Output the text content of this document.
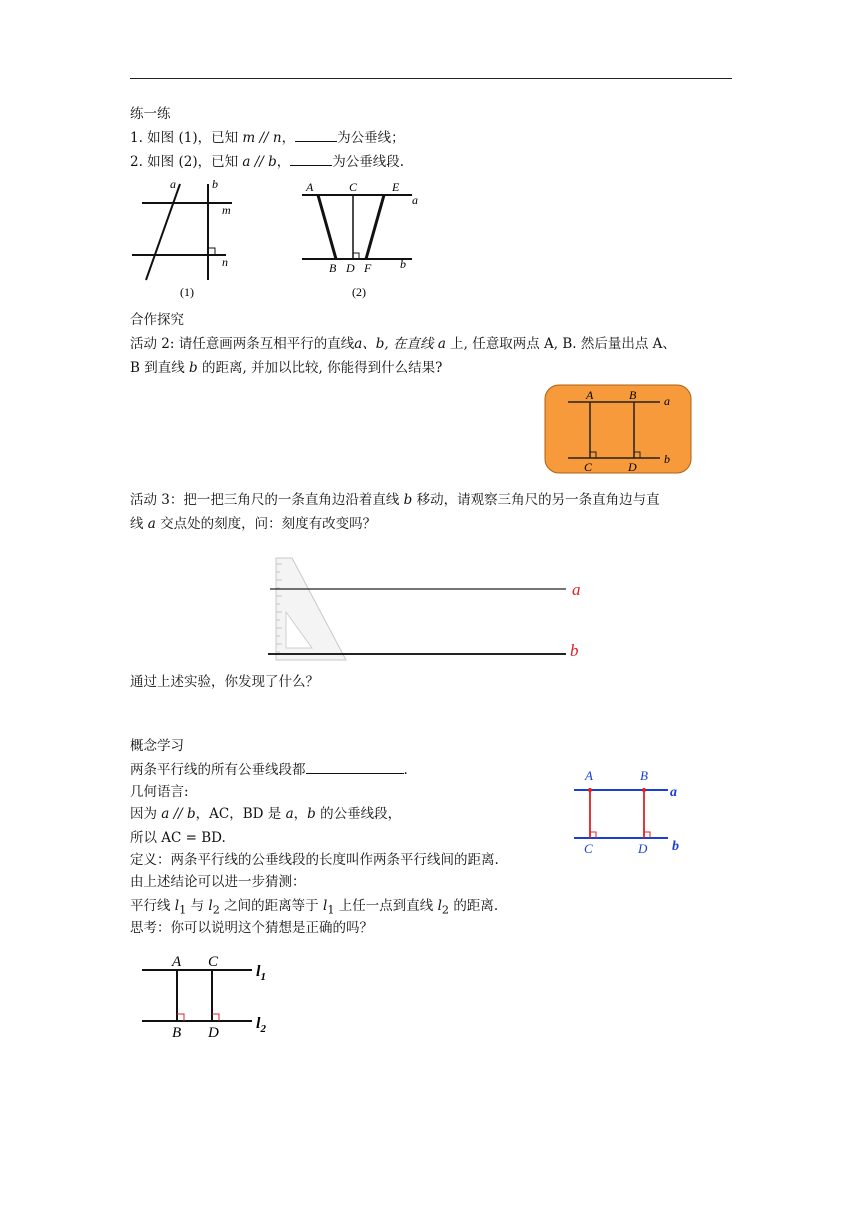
练一练
1. 如图 (1)，已知 m // n，	为公垂线；
2. 如图 (2)，已知 a // b，	为公垂线段.
a	b
m
n
(1)
A	C	E
a
B D F b
(2)
合作探究
活动 2: 请任意画两条互相平行的直线a、b, 在直线 a 上, 任意取两点 A, B. 然后量出点 A、
B 到直线 b 的距离, 并加以比较, 你能得到什么结果?
A	B a
C	D
b
活动 3：把一把三角尺的一条直角边沿着直线 b 移动，请观察三角尺的另一条直角边与直
线 a 交点处的刻度，问：刻度有改变吗？
a
b
通过上述实验，你发现了什么？
概念学习
两条平行线的所有公垂线段都	.
几何语言:
因为 a // b，AC，BD 是 a，b 的公垂线段，
所以 AC = BD.
定义：两条平行线的公垂线段的长度叫作两条平行线间的距离.
由上述结论可以进一步猜测：
平行线 $l_1$ 与 $l_2$ 之间的距离等于 $l_1$ 上任一点到直线 $l_2$ 的距离.
思考：你可以说明这个猜想是正确的吗？
A	B
a
C	D b
A C
$l_1$
B D
$l_2$
